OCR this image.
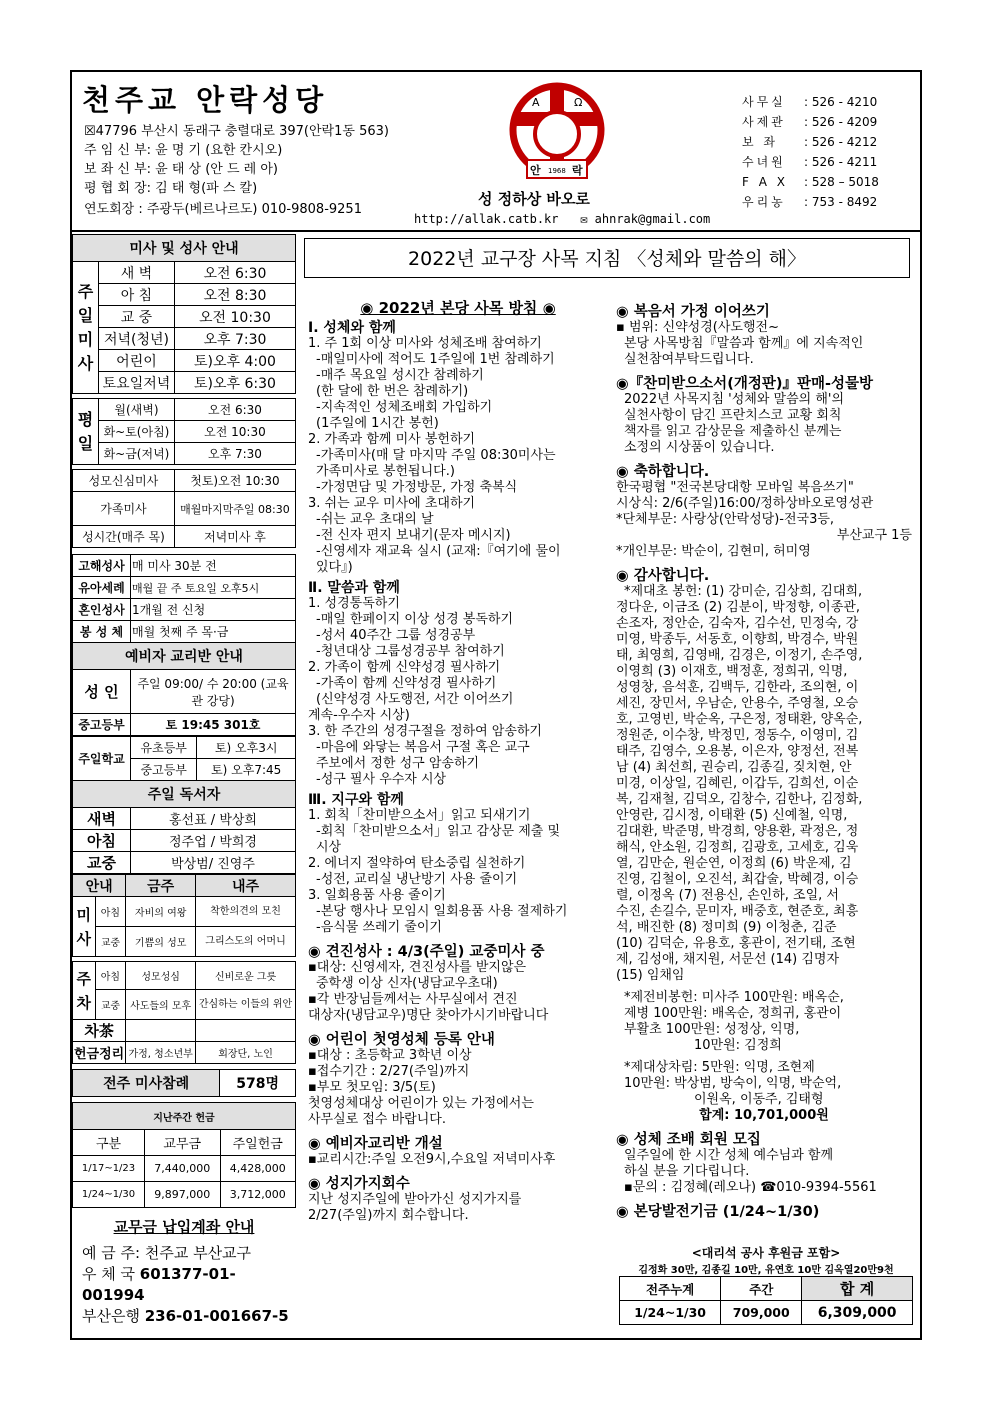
천주교 안락성당
☒47796 부산시 동래구 충렬대로 397(안락1동 563)
주 임 신 부: 윤 명 기 (요한 칸시오)
보 좌 신 부: 윤 태 상 (안 드 레 아)
평 협 회 장: 김 태 형(파 스 칼)
연도회장 : 주광두(베르나르도) 010-9808-9251
A	Ω
안 1968 락
성 정하상 바오로
http://allak.catb.kr ✉ ahnrak@gmail.com
사무실 : 526 - 4210
사제관 : 526 - 4209
보 좌 : 526 - 4212
수녀원 : 526 - 4211
F A X : 528 – 5018
우리농 : 753 - 8492
미사 및 성사 안내		
주
일
미
사	새 벽	오전 6:30
	아 침	오전 8:30
	교 중	오전 10:30
	저녁(청년)	오후 7:30
	어린이	토)오후 4:00
	토요일저녁	토)오후 6:30

평
일	월(새벽)	오전 6:30
	화~토(아침)	오전 10:30
	화~금(저녁)	오후 7:30

성모신심미사		첫토)오전 10:30
가족미사		매월마지막주일 08:30
성시간(매주 목)		저녁미사 후
고해성사	매 미사 30분 전
유아세례	매월 끝 주 토요일 오후5시
혼인성사	1개월 전 신청
봉 성 체	매월 첫째 주 목·금
예비자 교리반 안내	
성 인	주일 09:00/ 수 20:00 (교육관 강당)
중고등부	토 19:45 301호
주일학교	유초등부	토) 오후3시
	중고등부	토) 오후7:45
주일 독서자		
새벽	홍선표 / 박상희	
아침	정주업 / 박희경	
교중	박상범/ 진영주	
안내		금주	내주
미
사	아침	자비의 여왕	착한의견의 모친
	교중	기쁨의 성모	그리스도의 어머니

주
차	아침	성모성심	신비로운 그릇
	교중	사도들의 모후	간심하는 이들의 위안
차茶			
헌금정리		가정, 청소년부	회장단, 노인
전주 미사참례	578명
지난주간 헌금		
구분	교무금	주일헌금
1/17~1/23	7,440,000	4,428,000
1/24~1/30	9,897,000	3,712,000
교무금 납입계좌 안내
예 금 주: 천주교 부산교구
우 체 국 601377-01-001994
부산은행 236-01-001667-5
2022년 교구장 사목 지침 〈성체와 말씀의 해〉
◉ 2022년 본당 사목 방침 ◉
Ⅰ. 성체와 함께
1. 주 1회 이상 미사와 성체조배 참여하기
-매일미사에 적어도 1주일에 1번 참례하기
-매주 목요일 성시간 참례하기
(한 달에 한 번은 참례하기)
-지속적인 성체조배회 가입하기
(1주일에 1시간 봉헌)
2. 가족과 함께 미사 봉헌하기
-가족미사(매 달 마지막 주일 08:30미사는
가족미사로 봉헌됩니다.)
-가정면담 및 가정방문, 가정 축복식
3. 쉬는 교우 미사에 초대하기
-쉬는 교우 초대의 날
-전 신자 편지 보내기(문자 메시지)
-신영세자 재교육 실시 (교재:『여기에 물이
있다』)
Ⅱ. 말씀과 함께
1. 성경통독하기
-매일 한페이지 이상 성경 봉독하기
-성서 40주간 그룹 성경공부
-청년대상 그룹성경공부 참여하기
2. 가족이 함께 신약성경 필사하기
-가족이 함께 신약성경 필사하기
(신약성경 사도행전, 서간 이어쓰기
계속-우수자 시상)
3. 한 주간의 성경구절을 정하여 암송하기
-마음에 와닿는 복음서 구절 혹은 교구
주보에서 정한 성구 암송하기
-성구 필사 우수자 시상
Ⅲ. 지구와 함께
1. 회칙「찬미받으소서」읽고 되새기기
-회칙「찬미받으소서」읽고 감상문 제출 및
시상
2. 에너지 절약하여 탄소중립 실천하기
-성전, 교리실 냉난방기 사용 줄이기
3. 일회용품 사용 줄이기
-본당 행사나 모임시 일회용품 사용 절제하기
-음식물 쓰레기 줄이기
◉ 견진성사 : 4/3(주일) 교중미사 중
▪대상: 신영세자, 견진성사를 받지않은
중학생 이상 신자(냉담교우초대)
▪각 반장님들께서는 사무실에서 견진
대상자(냉담교우)명단 찾아가시기바랍니다
◉ 어린이 첫영성체 등록 안내
▪대상 : 초등학교 3학년 이상
▪접수기간 : 2/27(주일)까지
▪부모 첫모임: 3/5(토)
첫영성체대상 어린이가 있는 가정에서는
사무실로 접수 바랍니다.
◉ 예비자교리반 개설
▪교리시간:주일 오전9시,수요일 저녁미사후
◉ 성지가지회수
지난 성지주일에 받아가신 성지가지를
2/27(주일)까지 회수합니다.
◉ 복음서 가정 이어쓰기
▪ 범위: 신약성경(사도행전~
본당 사목방침『말씀과 함께』에 지속적인
실천참여부탁드립니다.
◉『찬미받으소서(개정판)』판매-성물방
2022년 사목지침 '성체와 말씀의 해'의
실천사항이 담긴 프란치스코 교황 회칙
책자를 읽고 감상문을 제출하신 분께는
소정의 시상품이 있습니다.
◉ 축하합니다.
한국평협 "전국본당대항 모바일 복음쓰기"
시상식: 2/6(주일)16:00/정하상바오로영성관
*단체부문: 사랑상(안락성당)-전국3등,
부산교구 1등
*개인부문: 박순이, 김현미, 허미영
◉ 감사합니다.
*제대초 봉헌: (1) 강미순, 김상희, 김대희,
정다운, 이금조 (2) 김분이, 박정향, 이종관,
손조자, 정안순, 김숙자, 김수선, 민정숙, 강
미영, 박종두, 서동호, 이향희, 박경수, 박원
태, 최영희, 김영배, 김경은, 이정기, 손주영,
이영희 (3) 이재호, 백정훈, 정희귀, 익명,
성영창, 음석훈, 김백두, 김한라, 조의현, 이
세진, 장민서, 우남순, 안용수, 주영철, 오승
호, 고영빈, 박순옥, 구은정, 정태환, 양옥순,
정원준, 이수창, 박정민, 정동수, 이영미, 김
태주, 김영수, 오용봉, 이은자, 양정선, 전복
남 (4) 최선희, 권승리, 김종길, 짖치현, 안
미경, 이상일, 김혜린, 이갑두, 김희선, 이순
복, 김재철, 김덕오, 김창수, 김한나, 김정화,
안영란, 김시정, 이태환 (5) 신예철, 익명,
김대환, 박준명, 박경희, 양용환, 곽정은, 정
해식, 안소원, 김정희, 김광호, 고세호, 김욱
열, 김만순, 원순연, 이정희 (6) 박운제, 김
진영, 김철이, 오진석, 최갑술, 박혜경, 이승
렬, 이정옥 (7) 전용신, 손인하, 조일, 서
수진, 손길수, 문미자, 배중호, 현준호, 최흥
석, 배진한 (8) 정미희 (9) 이청춘, 김준
(10) 김덕순, 유용호, 홍관이, 전기태, 조현
제, 김성애, 채지원, 서문선 (14) 김명자
(15) 임채임
*제전비봉헌: 미사주 100만원: 배옥순,
제병 100만원: 배옥순, 정희귀, 홍관이
부활초 100만원: 성정상, 익명,
10만원: 김정희
*제대상차림: 5만원: 익명, 조현제
10만원: 박상범, 방숙이, 익명, 박순억,
이원옥, 이동주, 김태형
합계: 10,701,000원
◉ 성체 조배 회원 모집
일주일에 한 시간 성체 예수님과 함께
하실 분을 기다립니다.
▪문의 : 김정혜(레오나) ☎010-9394-5561
◉ 본당발전기금 (1/24~1/30)
<대리석 공사 후원금 포함>
김정화 30만, 김종길 10만, 유연호 10만 김옥열20만9천
전주누계	주간	합 계
1/24~1/30	709,000	6,309,000
